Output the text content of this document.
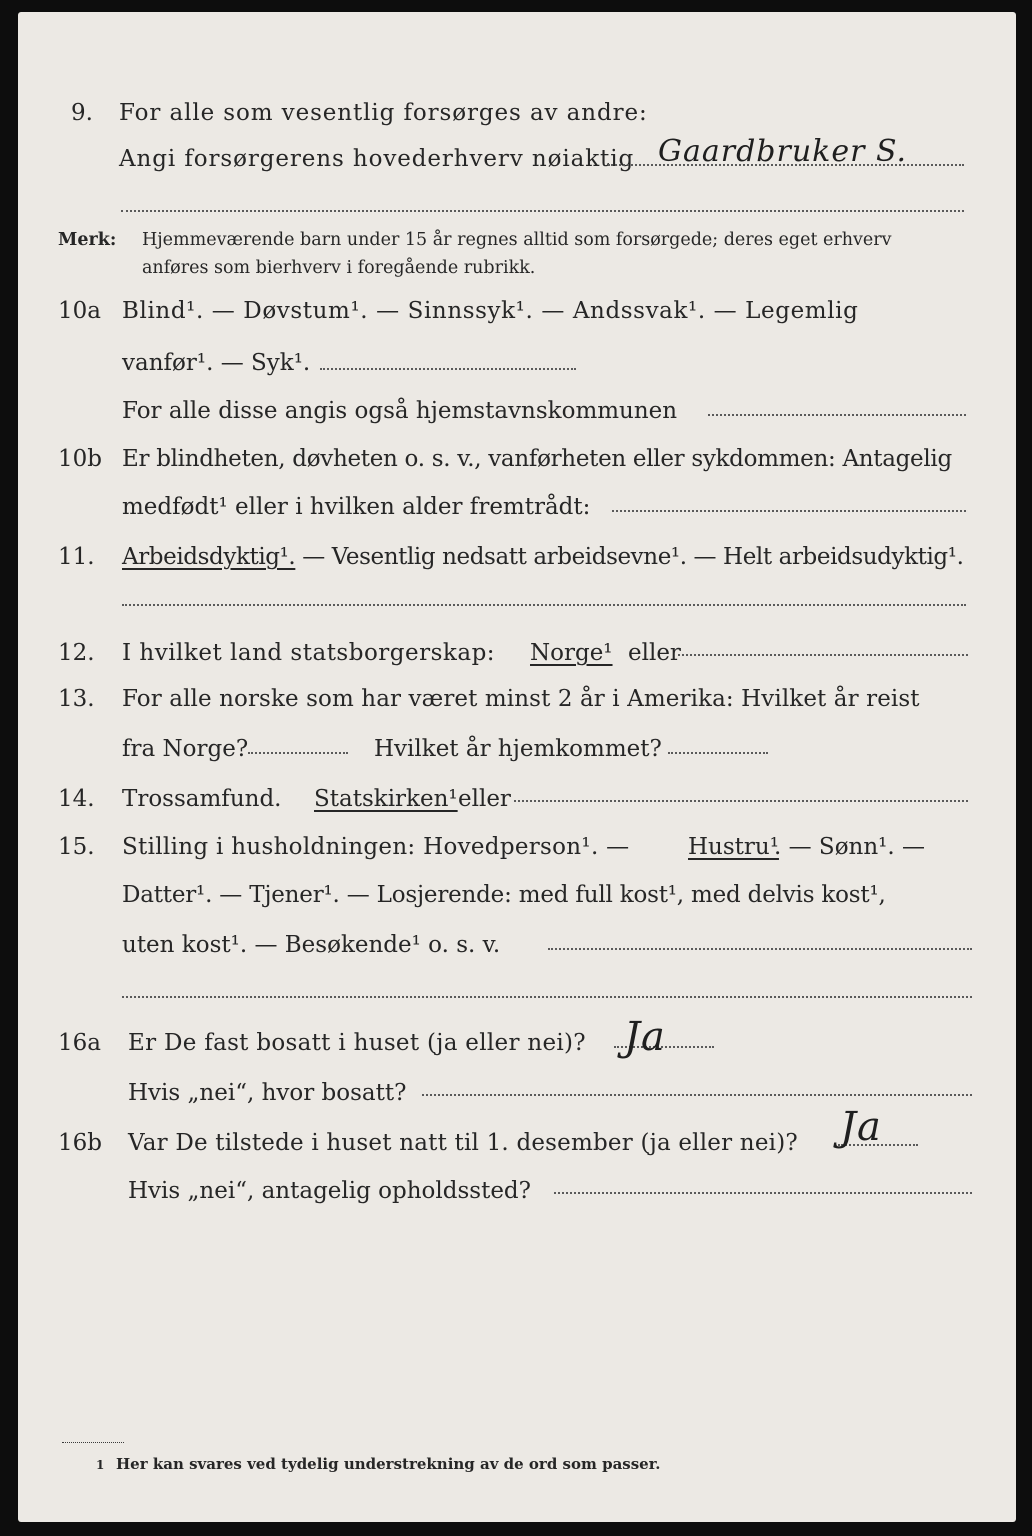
9. For alle som vesentlig forsørges av andre:
Angi forsørgerens hovederhverv nøiaktig Gaardbruker S.
Merk: Hjemmeværende barn under 15 år regnes alltid som forsørgede; deres eget erhverv
anføres som bierhverv i foregående rubrikk.
10a Blind¹. — Døvstum¹. — Sinnssyk¹. — Andssvak¹. — Legemlig
vanfør¹. — Syk¹.
For alle disse angis også hjemstavnskommunen
10b Er blindheten, døvheten o. s. v., vanførheten eller sykdommen: Antagelig
medfødt¹ eller i hvilken alder fremtrådt:
11. Arbeidsdyktig¹. — Vesentlig nedsatt arbeidsevne¹. — Helt arbeidsudyktig¹.
12. I hvilket land statsborgerskap: Norge¹ eller
13. For alle norske som har været minst 2 år i Amerika: Hvilket år reist
fra Norge?	Hvilket år hjemkommet?
14. Trossamfund. Statskirken¹ eller
15. Stilling i husholdningen: Hovedperson¹. —	Hustru¹
. — Sønn¹. —
Datter¹. — Tjener¹. — Losjerende: med full kost¹, med delvis kost¹,
uten kost¹. — Besøkende¹ o. s. v.
16a Er De fast bosatt i huset (ja eller nei)? Ja
Hvis „nei“, hvor bosatt?
16b Var De tilstede i huset natt til 1. desember (ja eller nei)? Ja
Hvis „nei“, antagelig opholdssted?
1 Her kan svares ved tydelig understrekning av de ord som passer.
